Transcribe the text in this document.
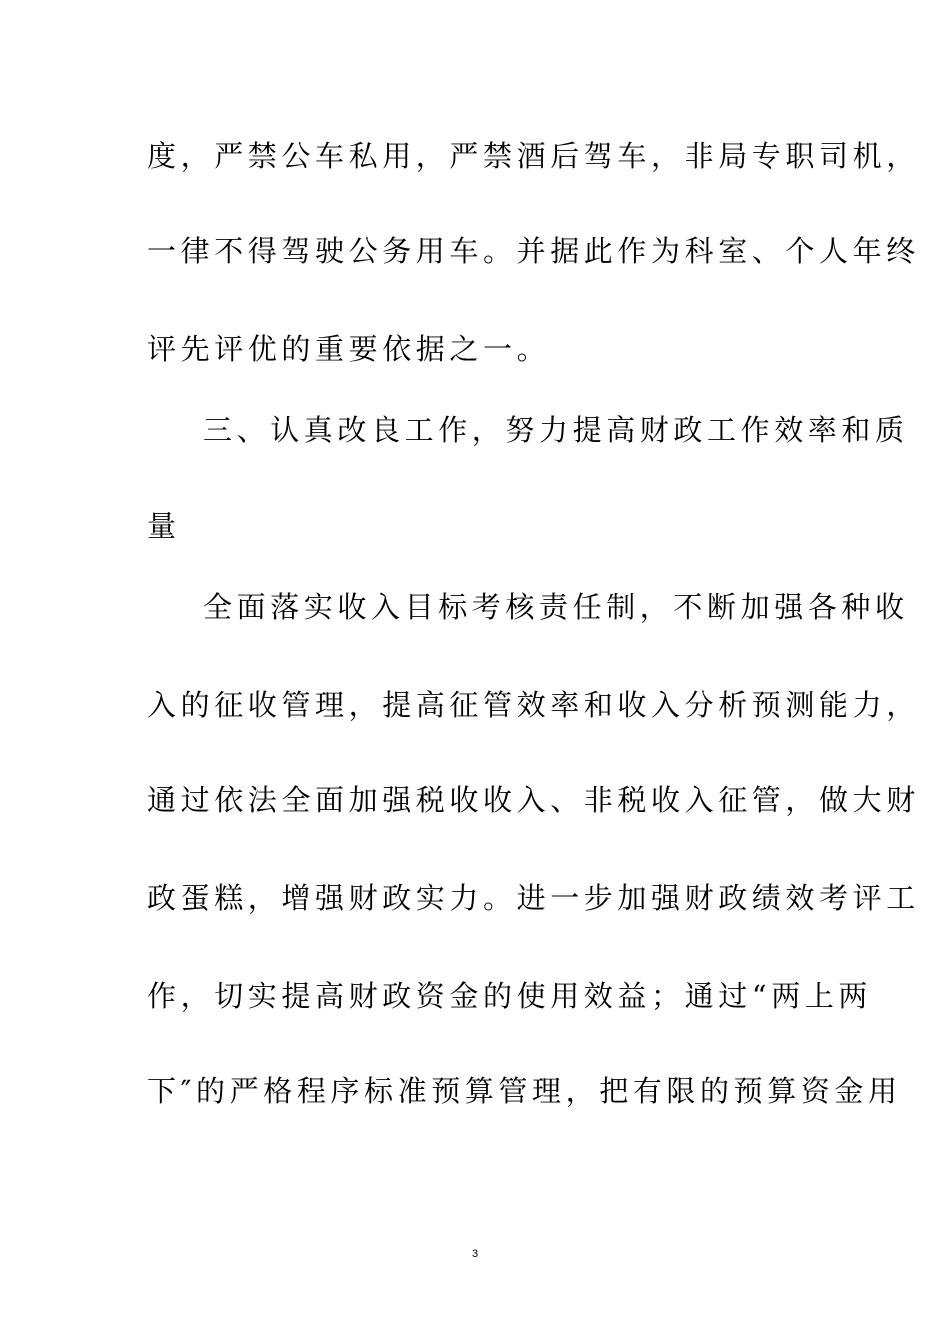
度，严禁公车私用，严禁酒后驾车，非局专职司机，
一律不得驾驶公务用车。并据此作为科室、个人年终
评先评优的重要依据之一。
三、认真改良工作，努力提高财政工作效率和质
量
全面落实收入目标考核责任制，不断加强各种收
入的征收管理，提高征管效率和收入分析预测能力，
通过依法全面加强税收收入、非税收入征管，做大财
政蛋糕，增强财政实力。进一步加强财政绩效考评工
作，切实提高财政资金的使用效益；通过“两上两
下″的严格程序标准预算管理，把有限的预算资金用
3
